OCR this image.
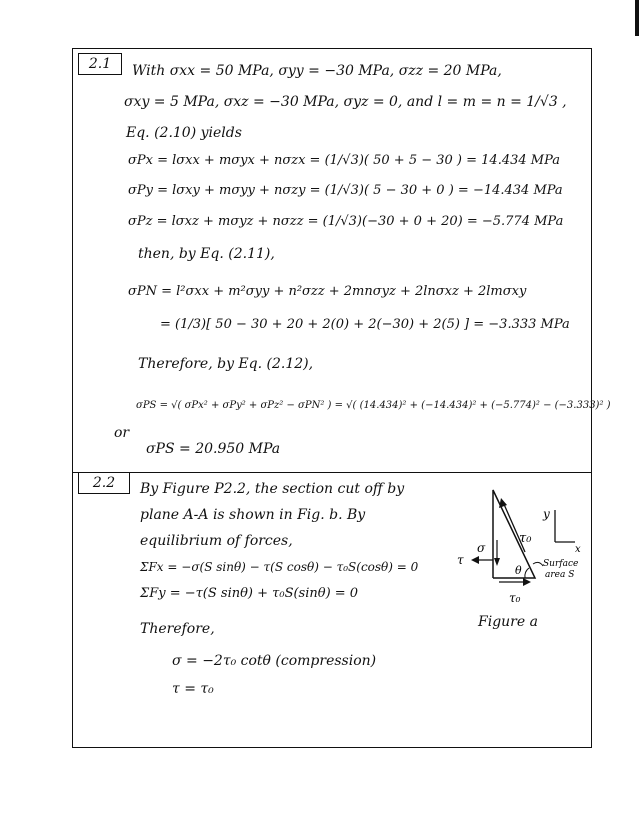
2.1 With σxx = 50 MPa, σyy = −30 MPa, σzz = 20 MPa,
σxy = 5 MPa, σxz = −30 MPa, σyz = 0, and l = m = n = 1/√3 ,
Eq. (2.10) yields
σPx = lσxx + mσyx + nσzx = (1/√3)( 50 + 5 − 30 ) = 14.434 MPa
σPy = lσxy + mσyy + nσzy = (1/√3)( 5 − 30 + 0 ) = −14.434 MPa
σPz = lσxz + mσyz + nσzz = (1/√3)(−30 + 0 + 20) = −5.774 MPa
then, by Eq. (2.11),
σPN = l²σxx + m²σyy + n²σzz + 2mnσyz + 2lnσxz + 2lmσxy
= (1/3)[ 50 − 30 + 20 + 2(0) + 2(−30) + 2(5) ] = −3.333 MPa
Therefore, by Eq. (2.12),
σPS = √( σPx² + σPy² + σPz² − σPN² ) = √( (14.434)² + (−14.434)² + (−5.774)² − (−3.333)² )
or
σPS = 20.950 MPa
2.2 By Figure P2.2, the section cut off by
plane A-A is shown in Fig. b. By
equilibrium of forces,
ΣFx = −σ(S sinθ) − τ(S cosθ) − τ₀S(cosθ) = 0
ΣFy = −τ(S sinθ) + τ₀S(sinθ) = 0
Therefore,
σ = −2τ₀ cotθ (compression)
τ = τ₀
y
x
τ₀
σ
τ
θ Surface
area S
τ₀
Figure a
